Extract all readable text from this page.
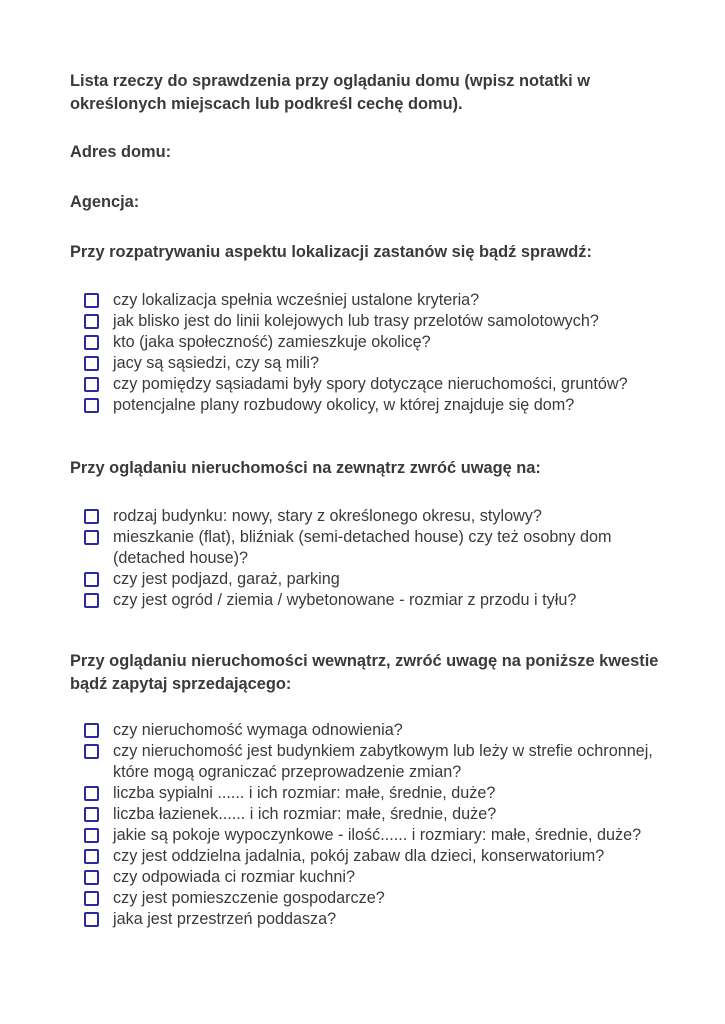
Lista rzeczy do sprawdzenia przy oglądaniu domu (wpisz notatki w określonych miejscach lub podkreśl cechę domu).

Adres domu:

Agencja:

Przy rozpatrywaniu aspektu lokalizacji zastanów się bądź sprawdź:

czy lokalizacja spełnia wcześniej ustalone kryteria?
jak blisko jest do linii kolejowych lub trasy przelotów samolotowych?
kto (jaka społeczność) zamieszkuje okolicę?
jacy są sąsiedzi, czy są mili?
czy pomiędzy sąsiadami były spory dotyczące nieruchomości, gruntów?
potencjalne plany rozbudowy okolicy, w której znajduje się dom?

Przy oglądaniu nieruchomości na zewnątrz zwróć uwagę na:

rodzaj budynku: nowy, stary z określonego okresu, stylowy?
mieszkanie (flat), bliźniak (semi-detached house) czy też osobny dom (detached house)?
czy jest podjazd, garaż, parking
czy jest ogród / ziemia / wybetonowane - rozmiar z przodu i tyłu?

Przy oglądaniu nieruchomości wewnątrz, zwróć uwagę na poniższe kwestie bądź zapytaj sprzedającego:

czy nieruchomość wymaga odnowienia?
czy nieruchomość jest budynkiem zabytkowym lub leży w strefie ochronnej, które mogą ograniczać przeprowadzenie zmian?
liczba sypialni ...... i ich rozmiar: małe, średnie, duże?
liczba łazienek...... i ich rozmiar: małe, średnie, duże?
jakie są pokoje wypoczynkowe - ilość...... i rozmiary: małe, średnie, duże?
czy jest oddzielna jadalnia, pokój zabaw dla dzieci, konserwatorium?
czy odpowiada ci rozmiar kuchni?
czy jest pomieszczenie gospodarcze?
jaka jest przestrzeń poddasza?
